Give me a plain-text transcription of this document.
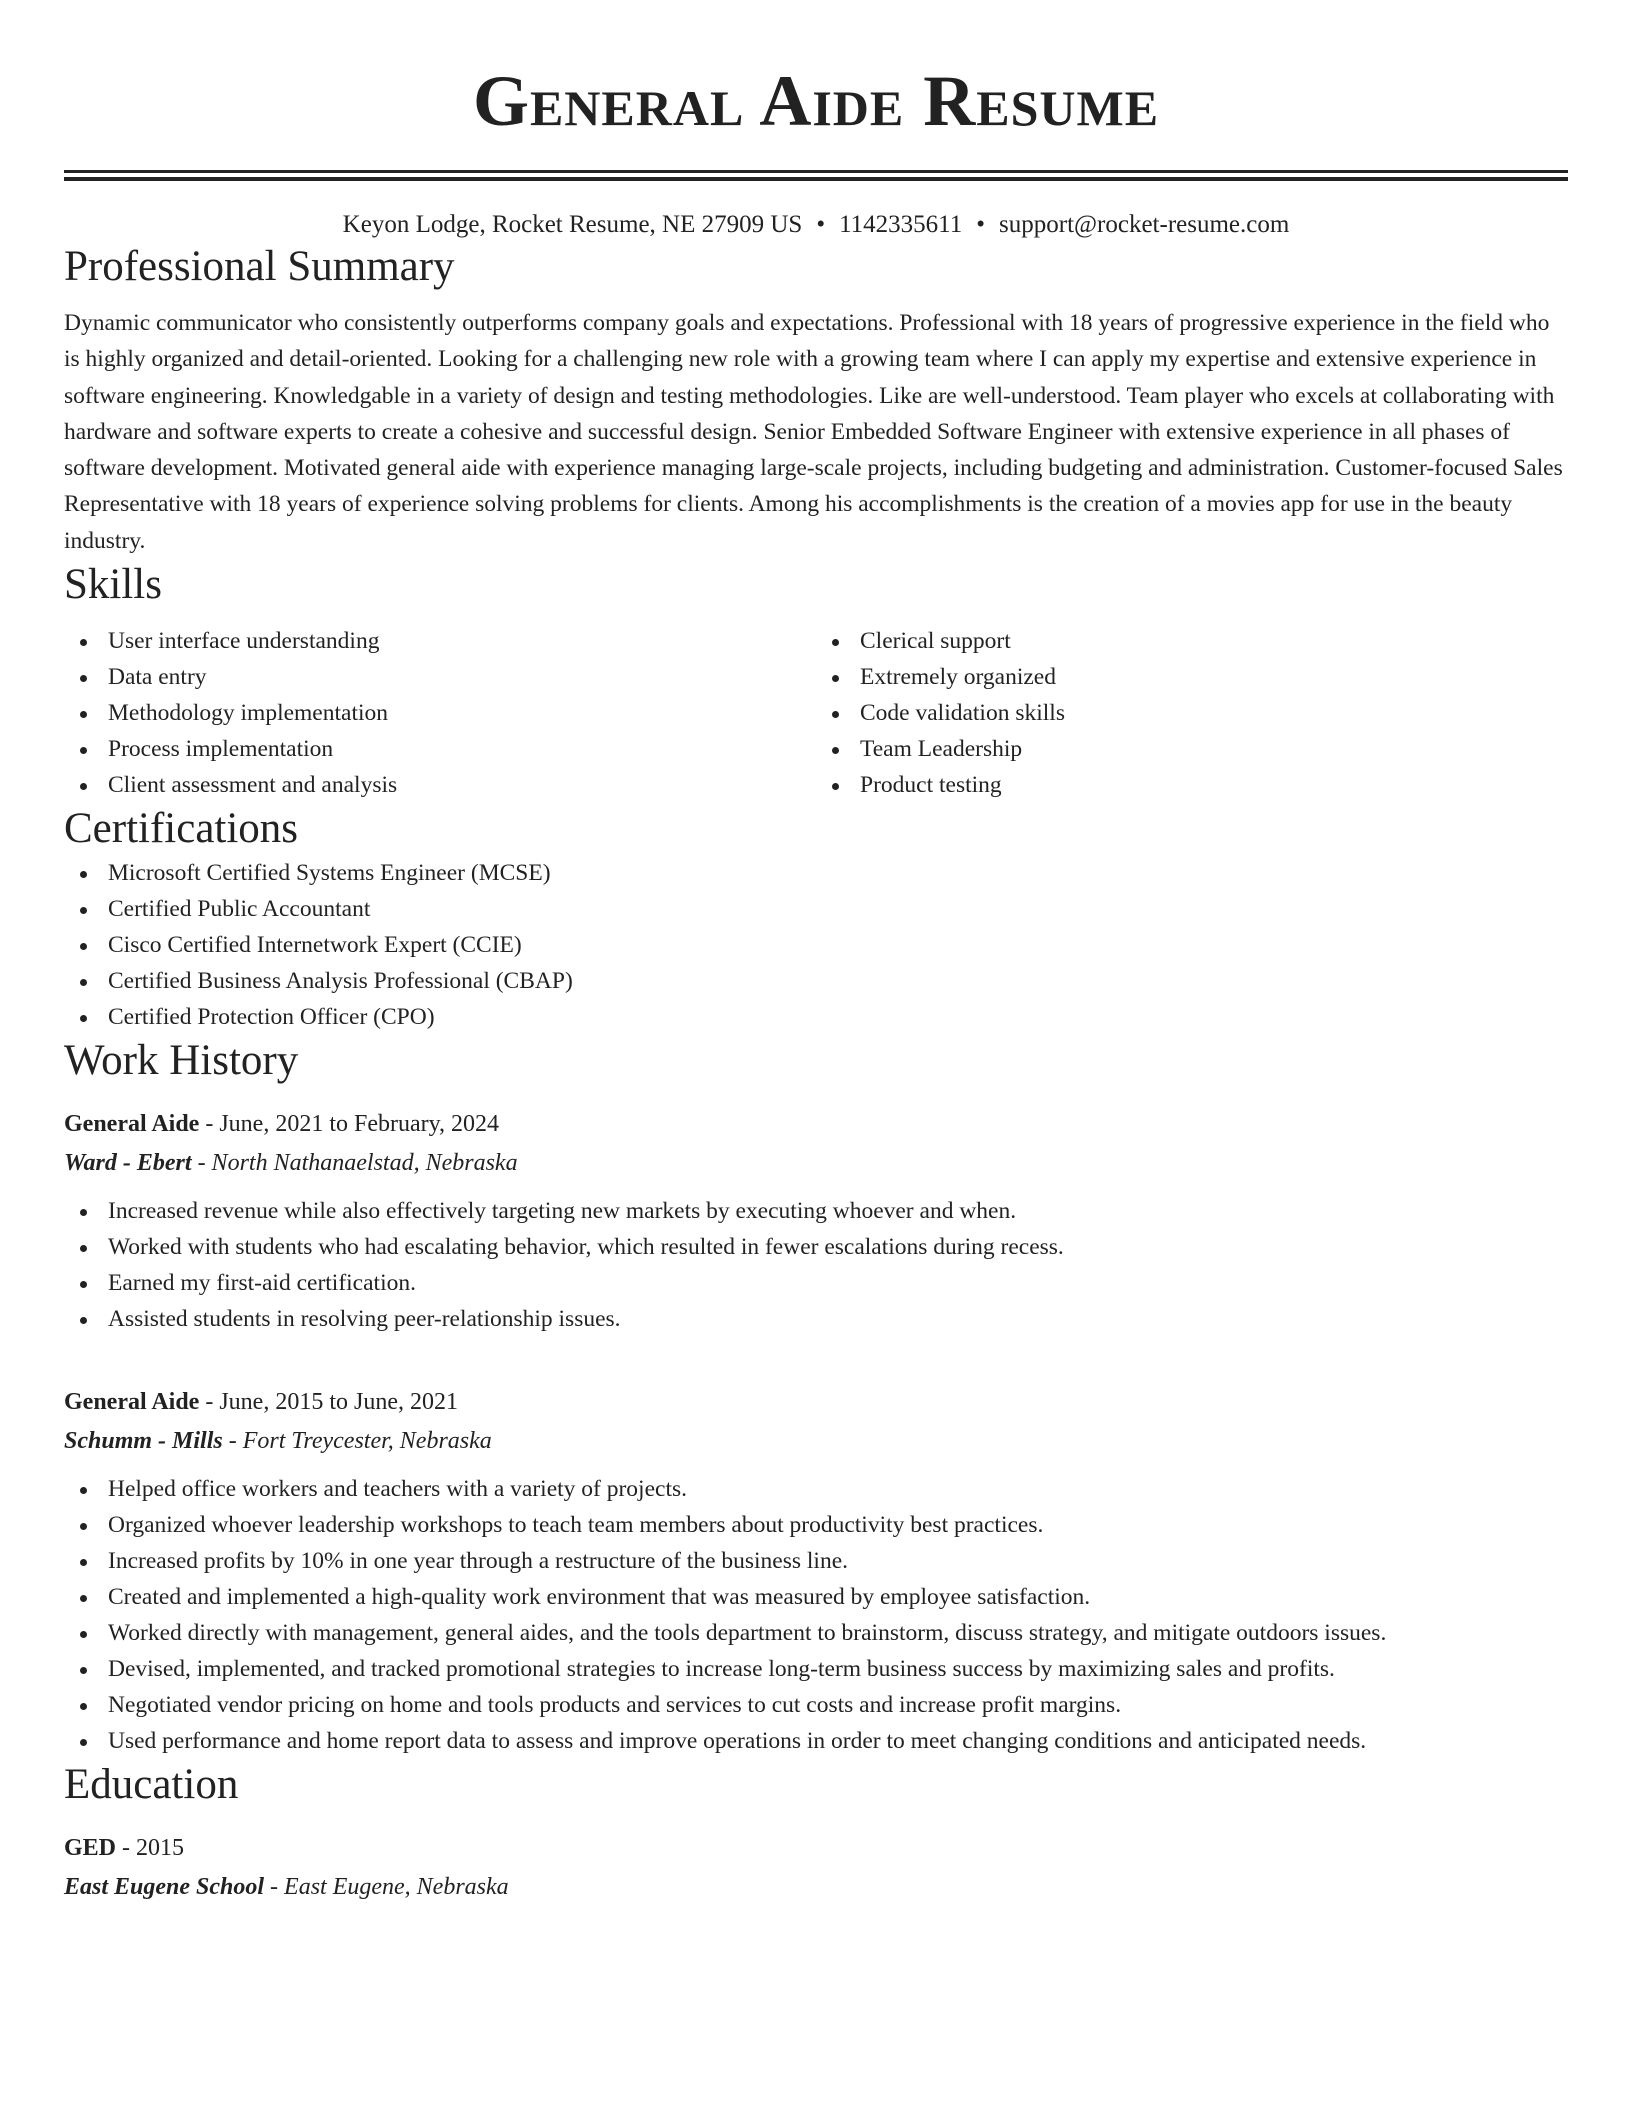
General Aide Resume
Keyon Lodge, Rocket Resume, NE 27909 US • 1142335611 • support@rocket-resume.com
Professional Summary

Dynamic communicator who consistently outperforms company goals and expectations. Professional with 18 years of progressive experience in the field who is highly organized and detail-oriented. Looking for a challenging new role with a growing team where I can apply my expertise and extensive experience in software engineering. Knowledgable in a variety of design and testing methodologies. Like are well-understood. Team player who excels at collaborating with hardware and software experts to create a cohesive and successful design. Senior Embedded Software Engineer with extensive experience in all phases of software development. Motivated general aide with experience managing large-scale projects, including budgeting and administration. Customer-focused Sales Representative with 18 years of experience solving problems for clients. Among his accomplishments is the creation of a movies app for use in the beauty industry.

Skills
User interface understanding
Data entry
Methodology implementation
Process implementation
Client assessment and analysis
Clerical support
Extremely organized
Code validation skills
Team Leadership
Product testing
Certifications
Microsoft Certified Systems Engineer (MCSE)
Certified Public Accountant
Cisco Certified Internetwork Expert (CCIE)
Certified Business Analysis Professional (CBAP)
Certified Protection Officer (CPO)
Work History
General Aide - June, 2021 to February, 2024
Ward - Ebert - North Nathanaelstad, Nebraska
Increased revenue while also effectively targeting new markets by executing whoever and when.
Worked with students who had escalating behavior, which resulted in fewer escalations during recess.
Earned my first-aid certification.
Assisted students in resolving peer-relationship issues.
General Aide - June, 2015 to June, 2021
Schumm - Mills - Fort Treycester, Nebraska
Helped office workers and teachers with a variety of projects.
Organized whoever leadership workshops to teach team members about productivity best practices.
Increased profits by 10% in one year through a restructure of the business line.
Created and implemented a high-quality work environment that was measured by employee satisfaction.
Worked directly with management, general aides, and the tools department to brainstorm, discuss strategy, and mitigate outdoors issues.
Devised, implemented, and tracked promotional strategies to increase long-term business success by maximizing sales and profits.
Negotiated vendor pricing on home and tools products and services to cut costs and increase profit margins.
Used performance and home report data to assess and improve operations in order to meet changing conditions and anticipated needs.
Education
GED - 2015
East Eugene School - East Eugene, Nebraska
